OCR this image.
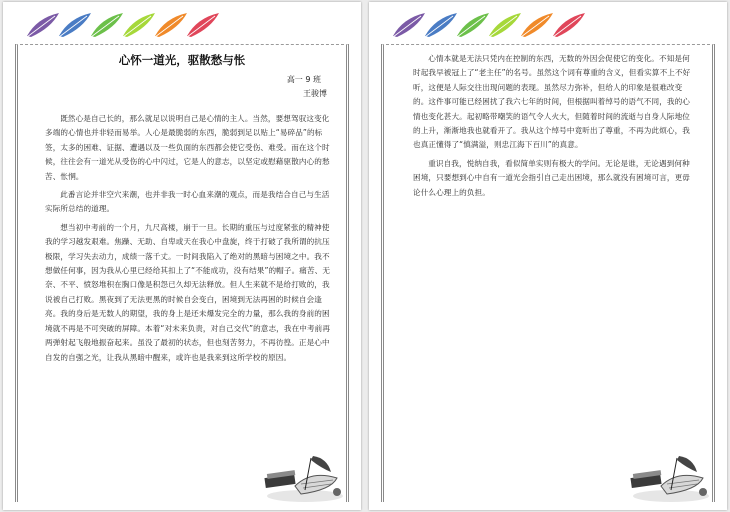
心怀一道光，驱散愁与怅
高一 9 班
王骏博

既然心是自己长的，那么就足以说明自己是心情的主人。当然，要想驾驭这变化多端的心情也并非轻而易举。人心是最脆弱的东西，脆弱到足以贴上“易碎品”的标签，太多的困难、证据、遭遇以及一些负面的东西都会使它受伤、难受。而在这个时候，往往会有一道光从受伤的心中闪过，它是人的意志，以坚定或慰藉驱散内心的愁苦、怅惘。

此番言论并非空穴来潮，也并非我一时心血来潮的观点，而是我结合自己与生活实际所总结的道理。

想当初中考前的一个月，九尺高楼，崩于一旦。长期的重压与过度紧张的精神使我的学习越发艰难。焦躁、无助、自卑或天在我心中盘旋，终于打破了我所谓的抗压极限，学习失去动力，成绩一落千丈。一时间我陷入了绝对的黑暗与困境之中。我不想做任何事，因为我从心里已经给其扣上了“不能成功，没有结果”的帽子。痛苦、无奈、不平、愤怒堆积在胸口像是积怨已久却无法释放。但人生来就不是给打败的，我说被自己打败。黑夜到了无法更黑的时候自会变白，困境到无法再困的时候自会逢亮。我的身后是无数人的期望，我的身上是还未爆发完全的力量，那么我的身前的困境就不再是不可突破的屏障。本着“对未来负责，对自己交代”的意志，我在中考前再两弹射起飞般地振奋起来。虽没了最初的状态，但也刻苦努力，不再彷徨。正是心中自发的自强之光，让我从黑暗中醒来，或许也是我来到这所学校的原因。

心情本就是无法只凭内在控制的东西，无数的外因会促使它的变化。不知是何时起我早被冠上了“老主任”的名号。虽然这个词有尊重的含义，但看实算不上不好听，这便是人际交往出现问题的表现。虽然尽力弥补，但给人的印象是很难改变的。这件事可能已经困扰了我六七年的时间，但根据叫着绰号的语气不同，我的心情也变化甚大。起初略带嘲笑的语气令人火大，但随着时间的流逝与自身人际地位的上升，渐渐地我也就看开了。我从这个绰号中竟听出了尊重，不再为此烦心，我也真正懂得了“慎满溢，则忠江海下百川”的真意。

重识自我，悦纳自我，看似简单实则有极大的学问。无论是谁，无论遇到何种困境，只要想到心中自有一道光会指引自己走出困境，那么就没有困境可言，更毋论什么心理上的负担。
